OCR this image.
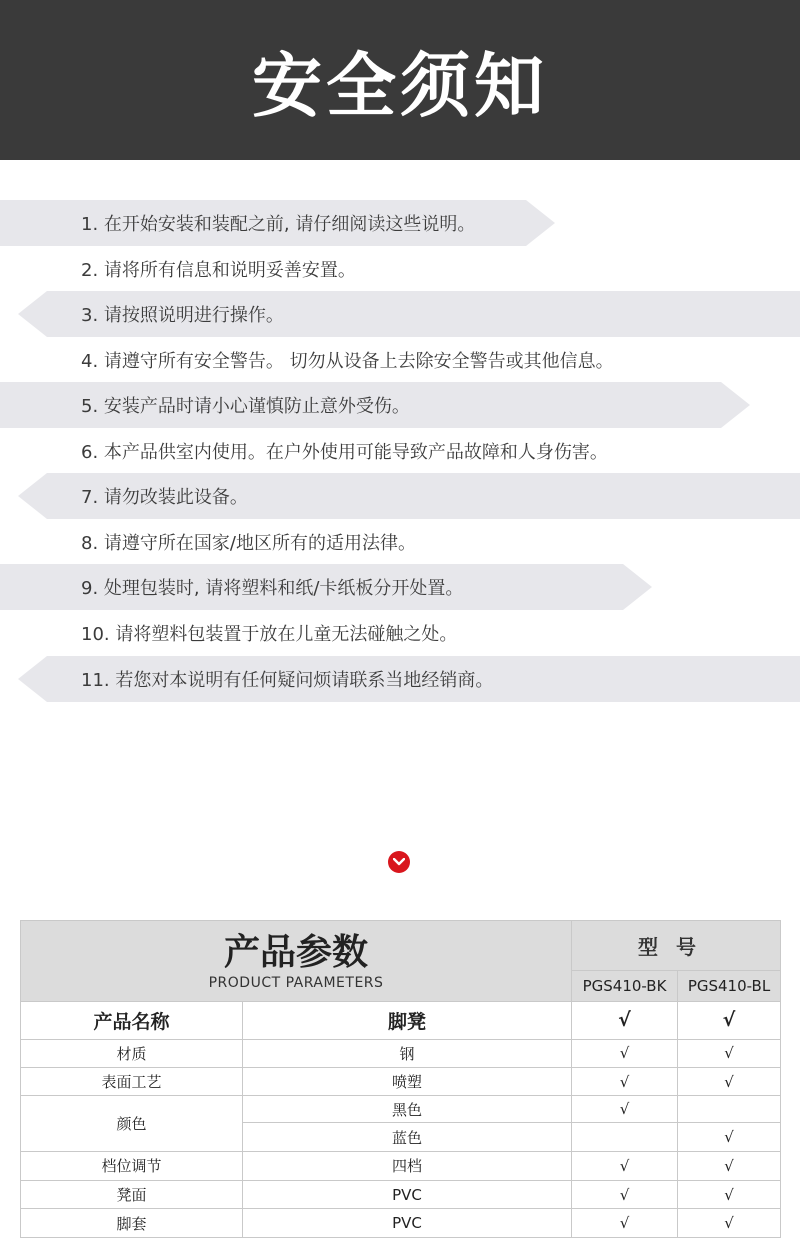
安全须知
1. 在开始安装和装配之前, 请仔细阅读这些说明。
2. 请将所有信息和说明妥善安置。
3. 请按照说明进行操作。
4. 请遵守所有安全警告。 切勿从设备上去除安全警告或其他信息。
5. 安装产品时请小心谨慎防止意外受伤。
6. 本产品供室内使用。在户外使用可能导致产品故障和人身伤害。
7. 请勿改装此设备。
8. 请遵守所在国家/地区所有的适用法律。
9. 处理包装时, 请将塑料和纸/卡纸板分开处置。
10. 请将塑料包装置于放在儿童无法碰触之处。
11. 若您对本说明有任何疑问烦请联系当地经销商。
产品参数
PRODUCT PARAMETERS		型号	
		PGS410-BK	PGS410-BL
产品名称	脚凳	√	√
材质	钢	√	√
表面工艺	喷塑	√	√
颜色	黑色	√	
	蓝色		√
档位调节	四档	√	√
凳面	PVC	√	√
脚套	PVC	√	√
